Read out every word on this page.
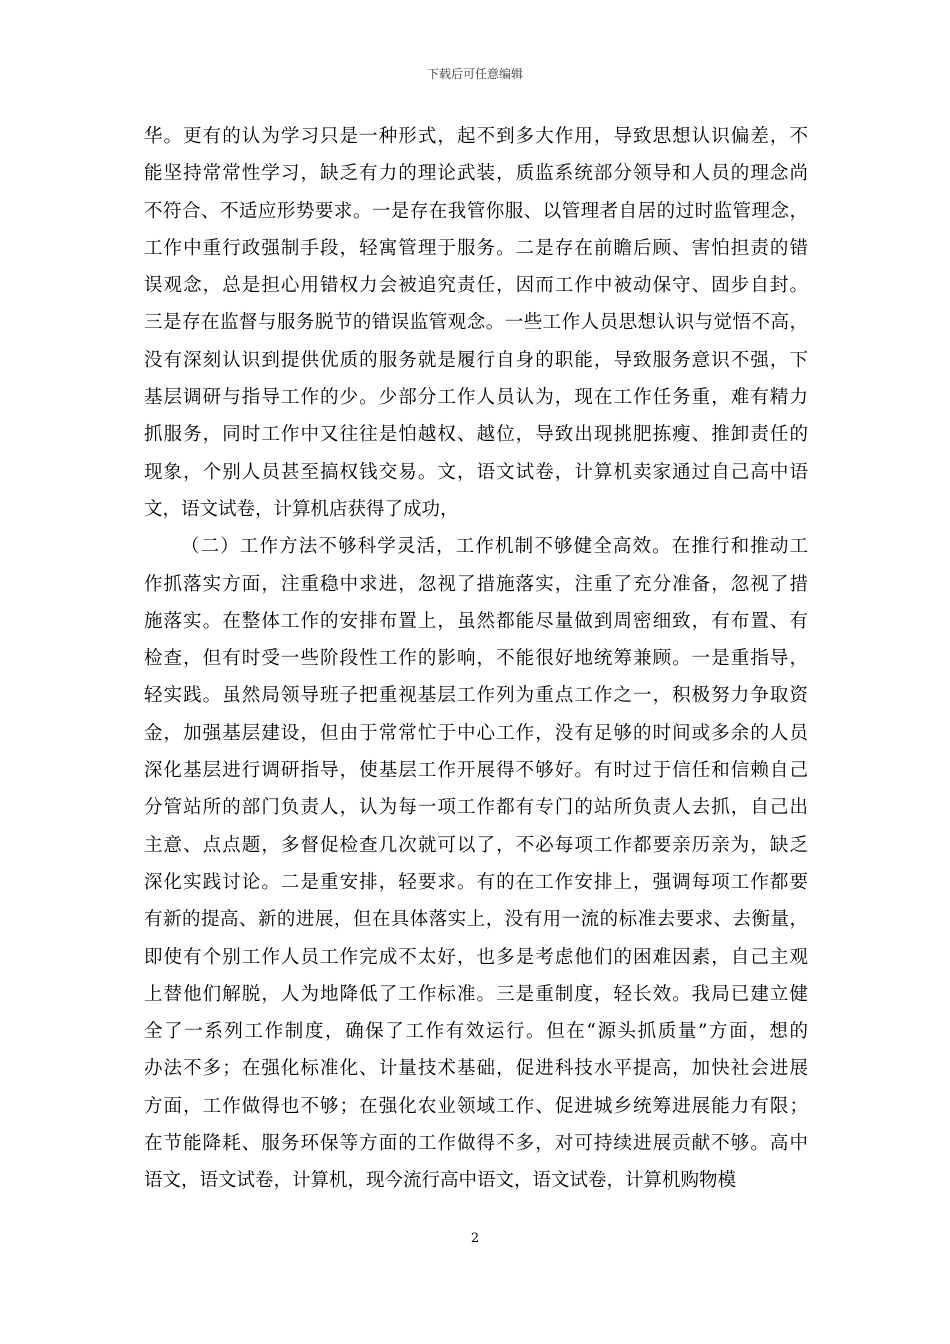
下载后可任意编辑
华。更有的认为学习只是一种形式，起不到多大作用，导致思想认识偏差，不
能坚持常常性学习，缺乏有力的理论武装，质监系统部分领导和人员的理念尚
不符合、不适应形势要求。一是存在我管你服、以管理者自居的过时监管理念，
工作中重行政强制手段，轻寓管理于服务。二是存在前瞻后顾、害怕担责的错
误观念，总是担心用错权力会被追究责任，因而工作中被动保守、固步自封。
三是存在监督与服务脱节的错误监管观念。一些工作人员思想认识与觉悟不高，
没有深刻认识到提供优质的服务就是履行自身的职能，导致服务意识不强，下
基层调研与指导工作的少。少部分工作人员认为，现在工作任务重，难有精力
抓服务，同时工作中又往往是怕越权、越位，导致出现挑肥拣瘦、推卸责任的
现象，个别人员甚至搞权钱交易。文，语文试卷，计算机卖家通过自己高中语
文，语文试卷，计算机店获得了成功，
（二）工作方法不够科学灵活，工作机制不够健全高效。在推行和推动工
作抓落实方面，注重稳中求进，忽视了措施落实，注重了充分准备，忽视了措
施落实。在整体工作的安排布置上，虽然都能尽量做到周密细致，有布置、有
检查，但有时受一些阶段性工作的影响，不能很好地统筹兼顾。一是重指导，
轻实践。虽然局领导班子把重视基层工作列为重点工作之一，积极努力争取资
金，加强基层建设，但由于常常忙于中心工作，没有足够的时间或多余的人员
深化基层进行调研指导，使基层工作开展得不够好。有时过于信任和信赖自己
分管站所的部门负责人，认为每一项工作都有专门的站所负责人去抓，自己出
主意、点点题，多督促检查几次就可以了，不必每项工作都要亲历亲为，缺乏
深化实践讨论。二是重安排，轻要求。有的在工作安排上，强调每项工作都要
有新的提高、新的进展，但在具体落实上，没有用一流的标准去要求、去衡量，
即使有个别工作人员工作完成不太好，也多是考虑他们的困难因素，自己主观
上替他们解脱，人为地降低了工作标准。三是重制度，轻长效。我局已建立健
全了一系列工作制度，确保了工作有效运行。但在“源头抓质量”方面，想的
办法不多；在强化标准化、计量技术基础，促进科技水平提高，加快社会进展
方面，工作做得也不够；在强化农业领域工作、促进城乡统筹进展能力有限；
在节能降耗、服务环保等方面的工作做得不多，对可持续进展贡献不够。高中
语文，语文试卷，计算机，现今流行高中语文，语文试卷，计算机购物模
2
